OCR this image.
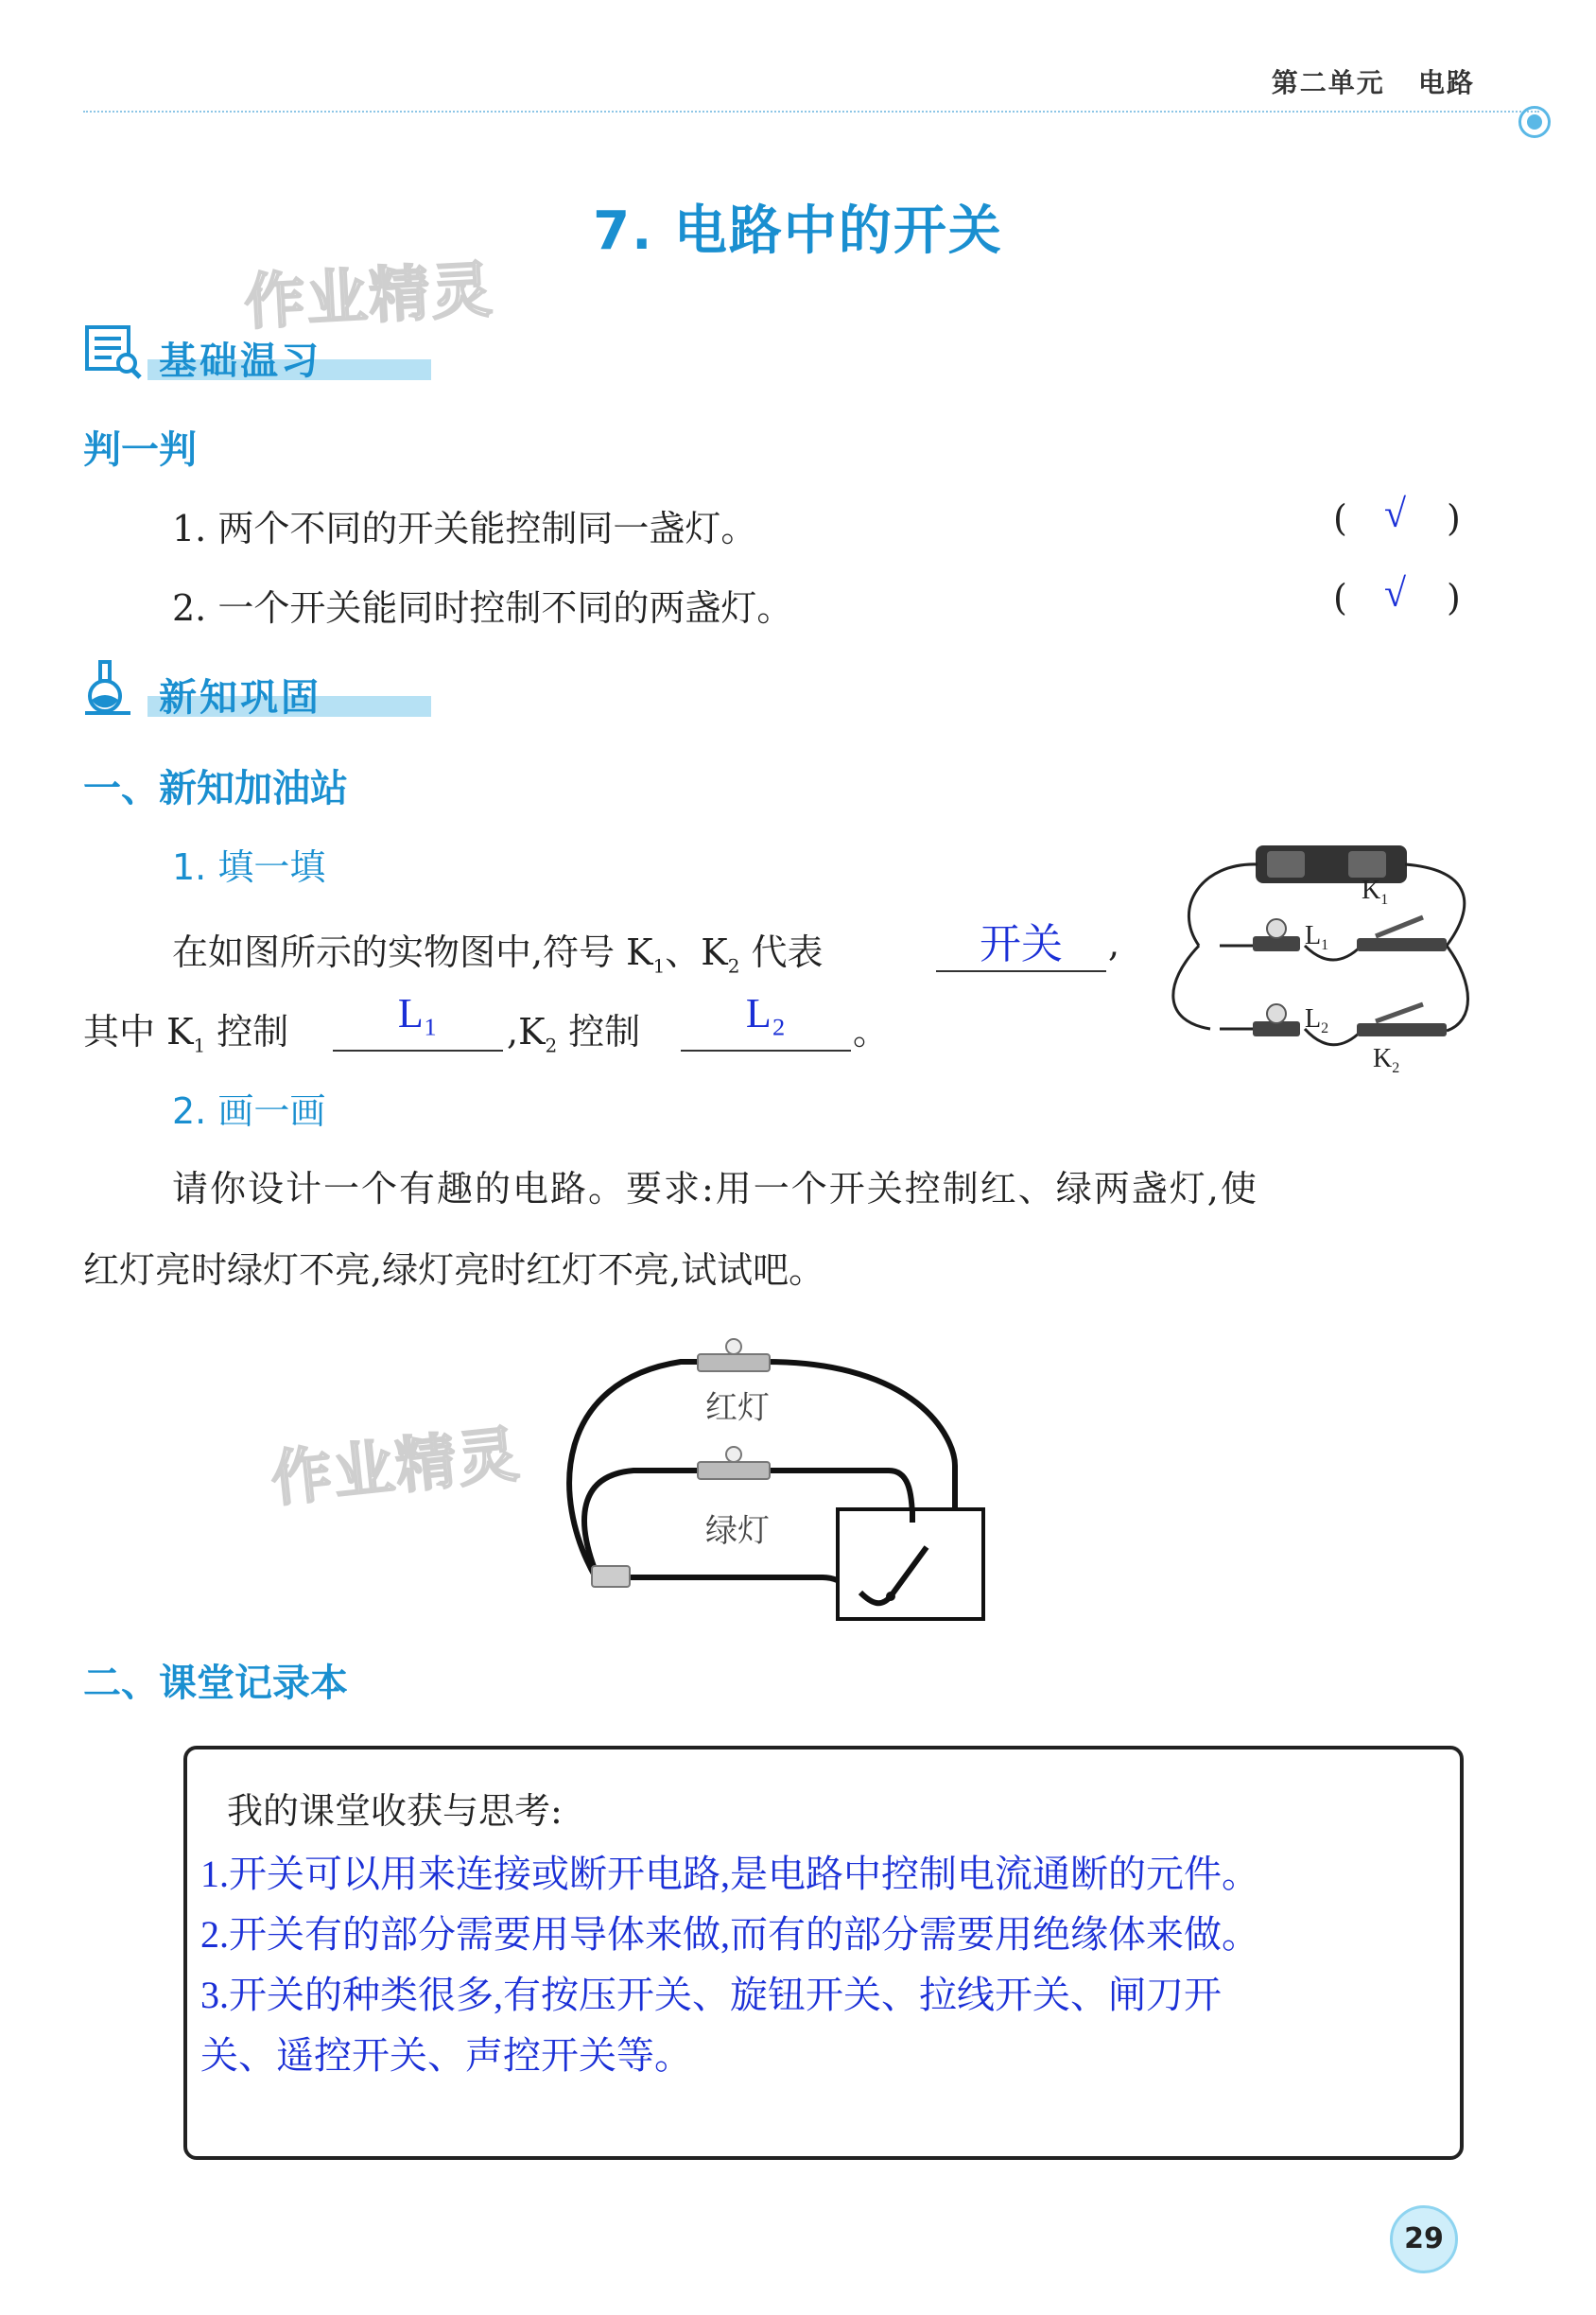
第二单元 电路
7. 电路中的开关
作业精灵
作业精灵
基础温习
判一判
1. 两个不同的开关能控制同一盏灯。	( √ )
2. 一个开关能同时控制不同的两盏灯。	( √ )
新知巩固
一、新知加油站
1. 填一填
在如图所示的实物图中,符号 $K_1$、$K_2$ 代表	开关	,
其中 $K_1$ 控制	L₁	$,K_2$ 控制	L₂	。
$K_1$
$L_1$
$L_2$
$K_2$
2. 画一画
请你设计一个有趣的电路。要求:用一个开关控制红、绿两盏灯,使
红灯亮时绿灯不亮,绿灯亮时红灯不亮,试试吧。
红灯
绿灯
二、课堂记录本
我的课堂收获与思考:
1.开关可以用来连接或断开电路,是电路中控制电流通断的元件。
2.开关有的部分需要用导体来做,而有的部分需要用绝缘体来做。
3.开关的种类很多,有按压开关、旋钮开关、拉线开关、闸刀开
关、遥控开关、声控开关等。
29
